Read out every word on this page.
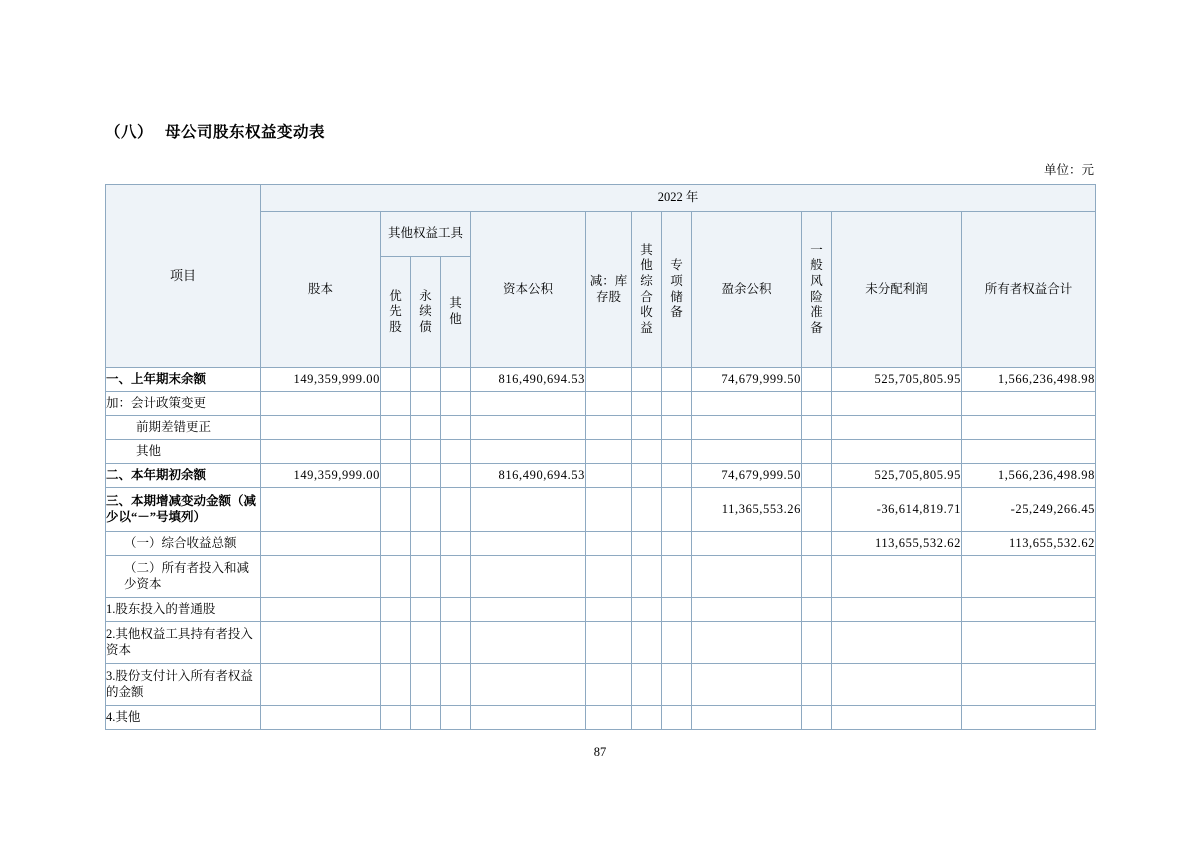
（八） 母公司股东权益变动表
单位：元
项目	2022 年											
	股本	其他权益工具			资本公积	减：库存股	其他综合收益	专项储备	盈余公积	一般风险准备	未分配利润	所有者权益合计

		优先股	永续债	其他								

一、上年期末余额	149,359,999.00				816,490,694.53				74,679,999.50		525,705,805.95	1,566,236,498.98
加：会计政策变更												
前期差错更正												
其他												
二、本年期初余额	149,359,999.00				816,490,694.53				74,679,999.50		525,705,805.95	1,566,236,498.98
三、本期增减变动金额（减少以“－”号填列）									11,365,553.26		-36,614,819.71	-25,249,266.45
（一）综合收益总额											113,655,532.62	113,655,532.62
（二）所有者投入和减少资本												
1.股东投入的普通股												
2.其他权益工具持有者投入资本												
3.股份支付计入所有者权益的金额												
4.其他												
87
